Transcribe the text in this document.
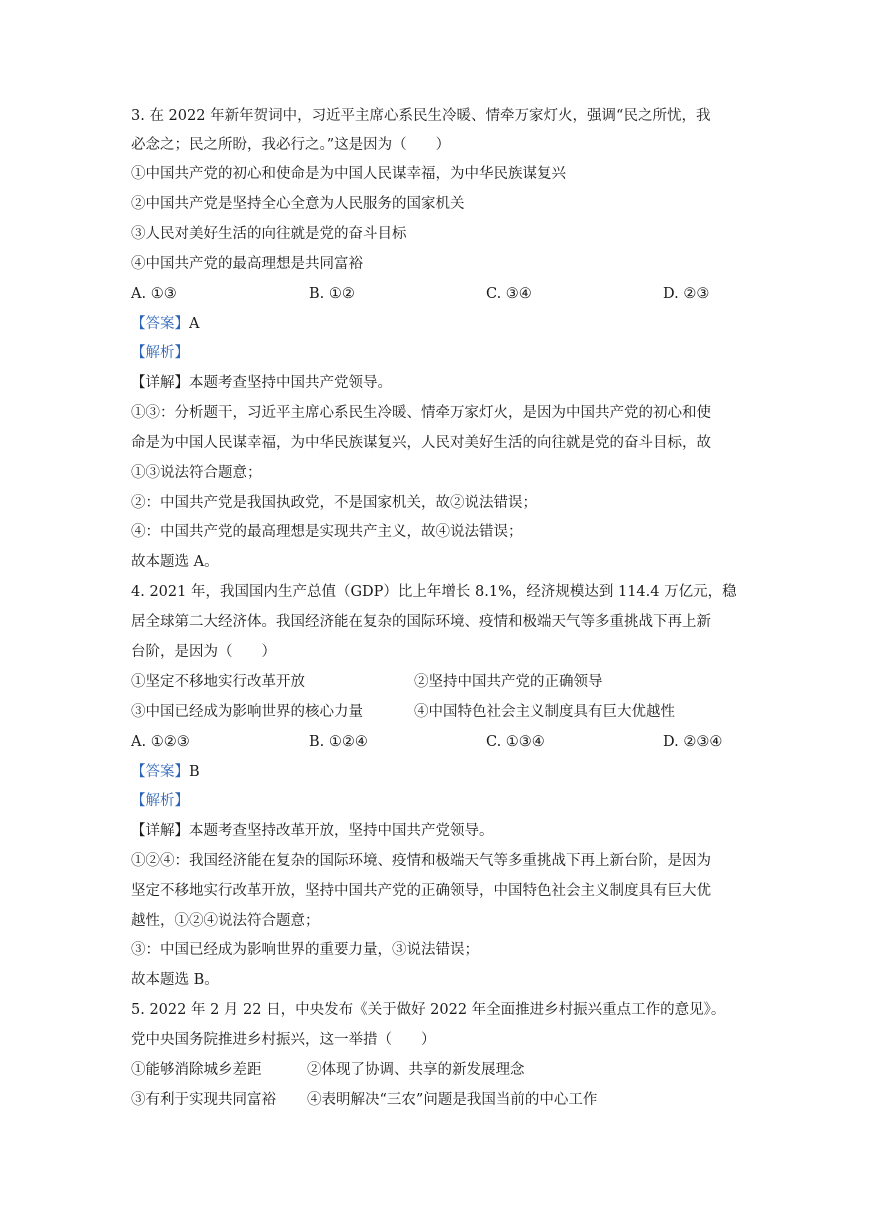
3. 在 2022 年新年贺词中，习近平主席心系民生冷暖、情牵万家灯火，强调“民之所忧，我
必念之；民之所盼，我必行之。”这是因为（　　）
①中国共产党的初心和使命是为中国人民谋幸福，为中华民族谋复兴
②中国共产党是坚持全心全意为人民服务的国家机关
③人民对美好生活的向往就是党的奋斗目标
④中国共产党的最高理想是共同富裕
A. ①③	B. ①②	C. ③④	D. ②③
【答案】A
【解析】
【详解】本题考查坚持中国共产党领导。
①③：分析题干，习近平主席心系民生冷暖、情牵万家灯火，是因为中国共产党的初心和使
命是为中国人民谋幸福，为中华民族谋复兴，人民对美好生活的向往就是党的奋斗目标，故
①③说法符合题意；
②：中国共产党是我国执政党，不是国家机关，故②说法错误；
④：中国共产党的最高理想是实现共产主义，故④说法错误；
故本题选 A。
4. 2021 年，我国国内生产总值（GDP）比上年增长 8.1%，经济规模达到 114.4 万亿元，稳
居全球第二大经济体。我国经济能在复杂的国际环境、疫情和极端天气等多重挑战下再上新
台阶，是因为（　　）
①坚定不移地实行改革开放	②坚持中国共产党的正确领导
③中国已经成为影响世界的核心力量	④中国特色社会主义制度具有巨大优越性
A. ①②③	B. ①②④	C. ①③④	D. ②③④
【答案】B
【解析】
【详解】本题考查坚持改革开放，坚持中国共产党领导。
①②④：我国经济能在复杂的国际环境、疫情和极端天气等多重挑战下再上新台阶，是因为
坚定不移地实行改革开放，坚持中国共产党的正确领导，中国特色社会主义制度具有巨大优
越性，①②④说法符合题意；
③：中国已经成为影响世界的重要力量，③说法错误；
故本题选 B。
5. 2022 年 2 月 22 日，中央发布《关于做好 2022 年全面推进乡村振兴重点工作的意见》。
党中央国务院推进乡村振兴，这一举措（　　）
①能够消除城乡差距	②体现了协调、共享的新发展理念
③有利于实现共同富裕 ④表明解决“三农”问题是我国当前的中心工作
